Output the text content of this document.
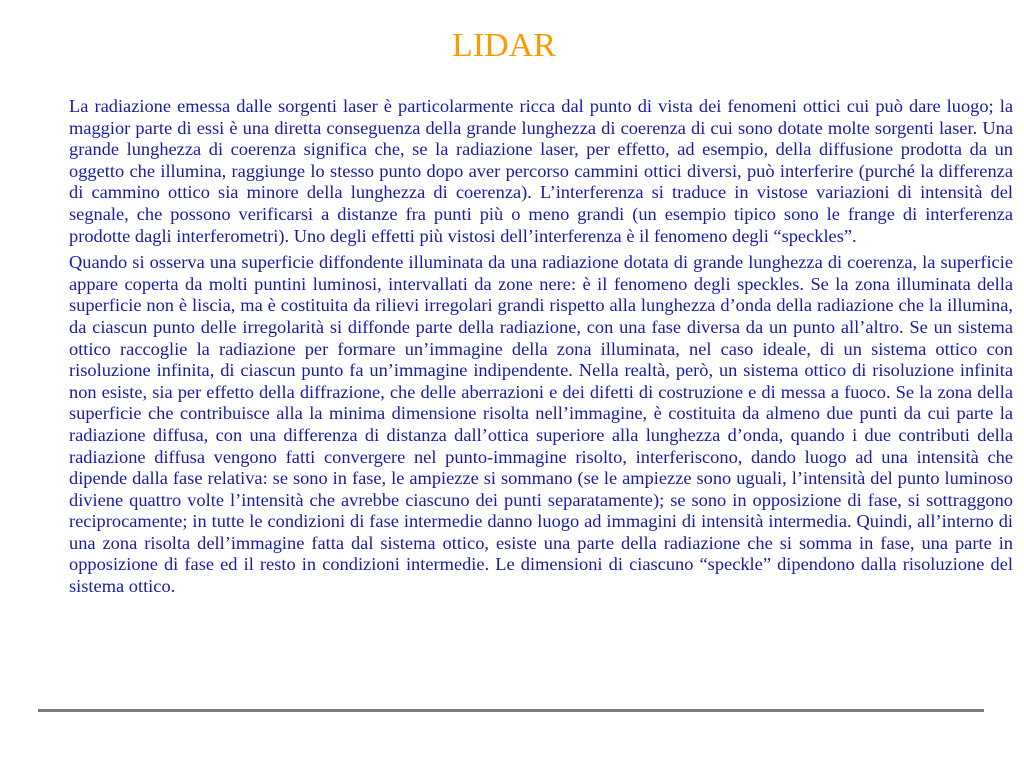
LIDAR

La radiazione emessa dalle sorgenti laser è particolarmente ricca dal punto di vista dei fenomeni ottici cui può dare luogo; la maggior parte di essi è una diretta conseguenza della grande lunghezza di coerenza di cui sono dotate molte sorgenti laser. Una grande lunghezza di coerenza significa che, se la radiazione laser, per effetto, ad esempio, della diffusione prodotta da un oggetto che illumina, raggiunge lo stesso punto dopo aver percorso cammini ottici diversi, può interferire (purché la differenza di cammino ottico sia minore della lunghezza di coerenza). L’interferenza si traduce in vistose variazioni di intensità del segnale, che possono verificarsi a distanze fra punti più o meno grandi (un esempio tipico sono le frange di interferenza prodotte dagli interferometri). Uno degli effetti più vistosi dell’interferenza è il fenomeno degli “speckles”.

Quando si osserva una superficie diffondente illuminata da una radiazione dotata di grande lunghezza di coerenza, la superficie appare coperta da molti puntini luminosi, intervallati da zone nere: è il fenomeno degli speckles. Se la zona illuminata della superficie non è liscia, ma è costituita da rilievi irregolari grandi rispetto alla lunghezza d’onda della radiazione che la illumina, da ciascun punto delle irregolarità si diffonde parte della radiazione, con una fase diversa da un punto all’altro. Se un sistema ottico raccoglie la radiazione per formare un’immagine della zona illuminata, nel caso ideale, di un sistema ottico con risoluzione infinita, di ciascun punto fa un’immagine indipendente. Nella realtà, però, un sistema ottico di risoluzione infinita non esiste, sia per effetto della diffrazione, che delle aberrazioni e dei difetti di costruzione e di messa a fuoco. Se la zona della superficie che contribuisce alla la minima dimensione risolta nell’immagine, è costituita da almeno due punti da cui parte la radiazione diffusa, con una differenza di distanza dall’ottica superiore alla lunghezza d’onda, quando i due contributi della radiazione diffusa vengono fatti convergere nel punto-immagine risolto, interferiscono, dando luogo ad una intensità che dipende dalla fase relativa: se sono in fase, le ampiezze si sommano (se le ampiezze sono uguali, l’intensità del punto luminoso diviene quattro volte l’intensità che avrebbe ciascuno dei punti separatamente); se sono in opposizione di fase, si sottraggono reciprocamente; in tutte le condizioni di fase intermedie danno luogo ad immagini di intensità intermedia. Quindi, all’interno di una zona risolta dell’immagine fatta dal sistema ottico, esiste una parte della radiazione che si somma in fase, una parte in opposizione di fase ed il resto in condizioni intermedie. Le dimensioni di ciascuno “speckle” dipendono dalla risoluzione del sistema ottico.
